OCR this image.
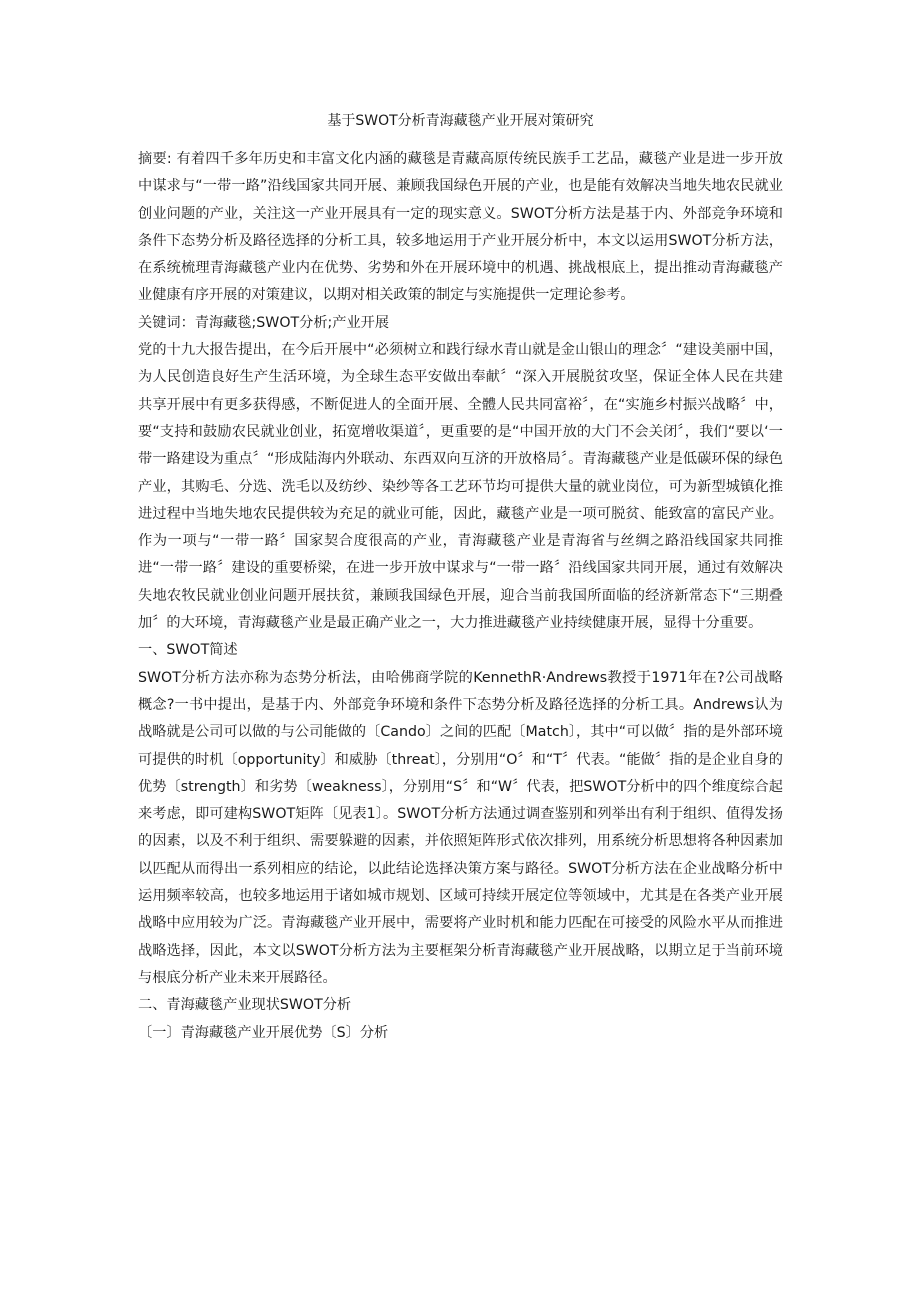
基于SWOT分析青海藏毯产业开展对策研究

摘要: 有着四千多年历史和丰富文化内涵的藏毯是青藏高原传统民族手工艺品，藏毯产业是进一步开放中谋求与“一带一路”沿线国家共同开展、兼顾我国绿色开展的产业，也是能有效解决当地失地农民就业创业问题的产业，关注这一产业开展具有一定的现实意义。SWOT分析方法是基于内、外部竞争环境和条件下态势分析及路径选择的分析工具，较多地运用于产业开展分析中，本文以运用SWOT分析方法，在系统梳理青海藏毯产业内在优势、劣势和外在开展环境中的机遇、挑战根底上，提出推动青海藏毯产业健康有序开展的对策建议，以期对相关政策的制定与实施提供一定理论参考。

关键词：青海藏毯;SWOT分析;产业开展

党的十九大报告提出，在今后开展中“必须树立和践行绿水青山就是金山银山的理念〞“建设美丽中国，为人民创造良好生产生活环境，为全球生态平安做出奉献〞“深入开展脱贫攻坚，保证全体人民在共建共享开展中有更多获得感，不断促进人的全面开展、全體人民共同富裕〞，在“实施乡村振兴战略〞中，要“支持和鼓励农民就业创业，拓宽增收渠道〞，更重要的是“中国开放的大门不会关闭〞，我们“要以‘一带一路建设为重点〞“形成陆海内外联动、东西双向互济的开放格局〞。青海藏毯产业是低碳环保的绿色产业，其购毛、分选、洗毛以及纺纱、染纱等各工艺环节均可提供大量的就业岗位，可为新型城镇化推进过程中当地失地农民提供较为充足的就业可能，因此，藏毯产业是一项可脱贫、能致富的富民产业。作为一项与“一带一路〞国家契合度很高的产业，青海藏毯产业是青海省与丝绸之路沿线国家共同推进“一带一路〞建设的重要桥梁，在进一步开放中谋求与“一带一路〞沿线国家共同开展，通过有效解决失地农牧民就业创业问题开展扶贫，兼顾我国绿色开展，迎合当前我国所面临的经济新常态下“三期叠加〞的大环境，青海藏毯产业是最正确产业之一，大力推进藏毯产业持续健康开展，显得十分重要。

一、SWOT简述

SWOT分析方法亦称为态势分析法，由哈佛商学院的KennethR·Andrews教授于1971年在?公司战略概念?一书中提出，是基于内、外部竞争环境和条件下态势分析及路径选择的分析工具。Andrews认为战略就是公司可以做的与公司能做的〔Cando〕之间的匹配〔Match〕，其中“可以做〞指的是外部环境可提供的时机〔opportunity〕和威胁〔threat〕，分别用“O〞和“T〞代表。“能做〞指的是企业自身的优势〔strength〕和劣势〔weakness〕，分别用“S〞和“W〞代表，把SWOT分析中的四个维度综合起来考虑，即可建构SWOT矩阵〔见表1〕。SWOT分析方法通过调查鉴别和列举出有利于组织、值得发扬的因素，以及不利于组织、需要躲避的因素，并依照矩阵形式依次排列，用系统分析思想将各种因素加以匹配从而得出一系列相应的结论，以此结论选择决策方案与路径。SWOT分析方法在企业战略分析中运用频率较高，也较多地运用于诸如城市规划、区域可持续开展定位等领域中，尤其是在各类产业开展战略中应用较为广泛。青海藏毯产业开展中，需要将产业时机和能力匹配在可接受的风险水平从而推进战略选择，因此，本文以SWOT分析方法为主要框架分析青海藏毯产业开展战略，以期立足于当前环境与根底分析产业未来开展路径。

二、青海藏毯产业现状SWOT分析

〔一〕青海藏毯产业开展优势〔S〕分析
